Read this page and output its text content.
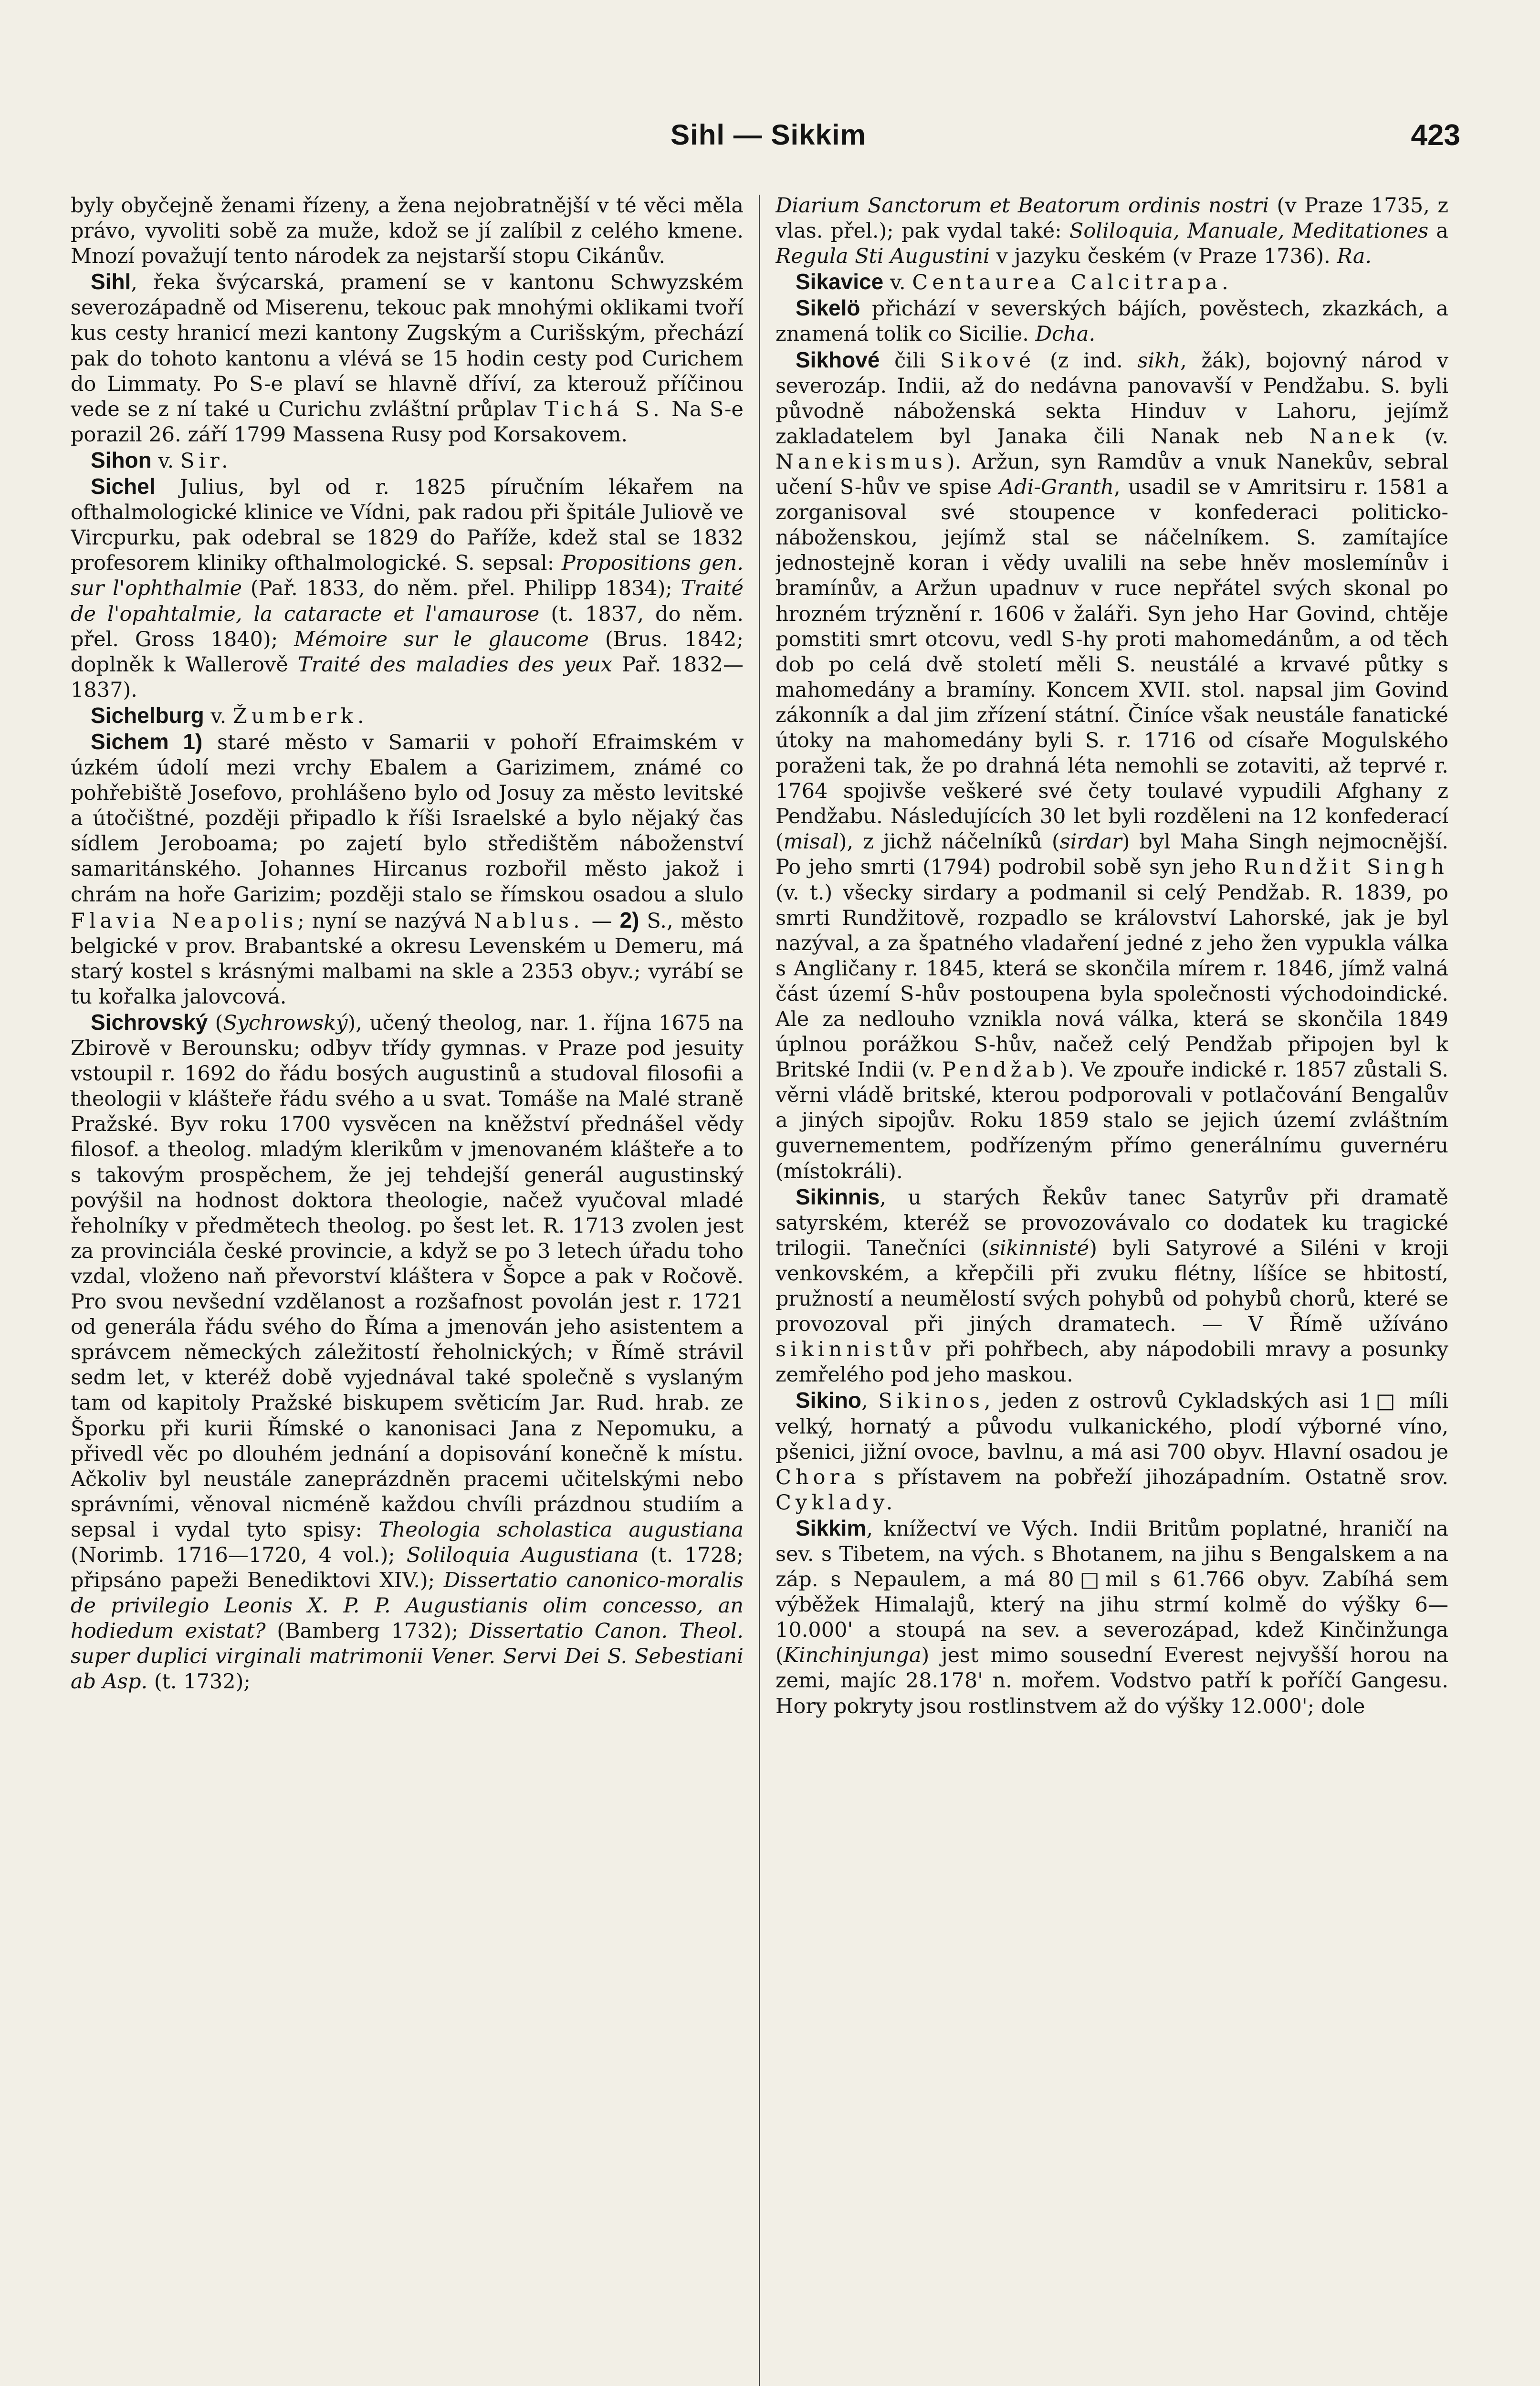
Sihl — Sikkim	423

byly obyčejně ženami řízeny, a žena nejobratnější v té věci měla právo, vyvoliti sobě za muže, kdož se jí zalíbil z celého kmene. Mnozí považují tento národek za nejstarší stopu Cikánův.

Sihl, řeka švýcarská, pramení se v kantonu Schwyzském severozápadně od Miserenu, tekouc pak mnohými oklikami tvoří kus cesty hranicí mezi kantony Zugským a Curišským, přechází pak do tohoto kantonu a vlévá se 15 hodin cesty pod Curichem do Limmaty. Po S-e plaví se hlavně dříví, za kterouž příčinou vede se z ní také u Curichu zvláštní průplav Tichá S. Na S-e porazil 26. září 1799 Massena Rusy pod Korsakovem.

Sihon v. Sir.

Sichel Julius, byl od r. 1825 píručním lékařem na ofthalmologické klinice ve Vídni, pak radou při špitále Juliově ve Vircpurku, pak odebral se 1829 do Paříže, kdež stal se 1832 profesorem kliniky ofthalmologické. S. sepsal: Propositions gen. sur l'ophthalmie (Pař. 1833, do něm. přel. Philipp 1834); Traité de l'opahtalmie, la cataracte et l'amaurose (t. 1837, do něm. přel. Gross 1840); Mémoire sur le glaucome (Brus. 1842; doplněk k Wallerově Traité des maladies des yeux Pař. 1832—1837).

Sichelburg v. Žumberk.

Sichem 1) staré město v Samarii v pohoří Efraimském v úzkém údolí mezi vrchy Ebalem a Garizimem, známé co pohřebiště Josefovo, prohlášeno bylo od Josuy za město levitské a útočištné, později připadlo k říši Israelské a bylo nějaký čas sídlem Jeroboama; po zajetí bylo středištěm náboženství samaritánského. Johannes Hircanus rozbořil město jakož i chrám na hoře Garizim; později stalo se římskou osadou a slulo Flavia Neapolis; nyní se nazývá Nablus. — 2) S., město belgické v prov. Brabantské a okresu Levenském u Demeru, má starý kostel s krásnými malbami na skle a 2353 obyv.; vyrábí se tu kořalka jalovcová.

Sichrovský (Sychrowský), učený theolog, nar. 1. října 1675 na Zbirově v Berounsku; odbyv třídy gymnas. v Praze pod jesuity vstoupil r. 1692 do řádu bosých augustinů a studoval filosofii a theologii v klášteře řádu svého a u svat. Tomáše na Malé straně Pražské. Byv roku 1700 vysvěcen na kněžství přednášel vědy filosof. a theolog. mladým klerikům v jmenovaném klášteře a to s takovým prospěchem, že jej tehdejší generál augustinský povýšil na hodnost doktora theologie, načež vyučoval mladé řeholníky v předmětech theolog. po šest let. R. 1713 zvolen jest za provinciála české provincie, a když se po 3 letech úřadu toho vzdal, vloženo naň převorství kláštera v Šopce a pak v Ročově. Pro svou nevšední vzdělanost a rozšafnost povolán jest r. 1721 od generála řádu svého do Říma a jmenován jeho asistentem a správcem německých záležitostí řeholnických; v Římě strávil sedm let, v kteréž době vyjednával také společně s vyslaným tam od kapitoly Pražské biskupem světicím Jar. Rud. hrab. ze Šporku při kurii Římské o kanonisaci Jana z Nepomuku, a přivedl věc po dlouhém jednání a dopisování konečně k místu. Ačkoliv byl neustále zaneprázdněn pracemi učitelskými nebo správními, věnoval nicméně každou chvíli prázdnou studiím a sepsal i vydal tyto spisy: Theologia scholastica augustiana (Norimb. 1716—1720, 4 vol.); Soliloquia Augustiana (t. 1728; připsáno papeži Benediktovi XIV.); Dissertatio canonico-moralis de privilegio Leonis X. P. P. Augustianis olim concesso, an hodiedum existat? (Bamberg 1732); Dissertatio Canon. Theol. super duplici virginali matrimonii Vener. Servi Dei S. Sebestiani ab Asp. (t. 1732);

Diarium Sanctorum et Beatorum ordinis nostri (v Praze 1735, z vlas. přel.); pak vydal také: Soliloquia, Manuale, Meditationes a Regula Sti Augustini v jazyku českém (v Praze 1736). Ra.

Sikavice v. Centaurea Calcitrapa.

Sikelö přichází v severských bájích, pověstech, zkazkách, a znamená tolik co Sicilie. Dcha.

Sikhové čili Sikové (z ind. sikh, žák), bojovný národ v severozáp. Indii, až do nedávna panovavší v Pendžabu. S. byli původně náboženská sekta Hinduv v Lahoru, jejímž zakladatelem byl Janaka čili Nanak neb Nanek (v. Nanekismus). Aržun, syn Ramdův a vnuk Nanekův, sebral učení S-hův ve spise Adi-Granth, usadil se v Amritsiru r. 1581 a zorganisoval své stoupence v konfederaci politicko-náboženskou, jejímž stal se náčelníkem. S. zamítajíce jednostejně koran i vědy uvalili na sebe hněv moslemínův i bramínův, a Aržun upadnuv v ruce nepřátel svých skonal po hrozném trýznění r. 1606 v žaláři. Syn jeho Har Govind, chtěje pomstiti smrt otcovu, vedl S-hy proti mahomedánům, a od těch dob po celá dvě století měli S. neustálé a krvavé půtky s mahomedány a bramíny. Koncem XVII. stol. napsal jim Govind zákonník a dal jim zřízení státní. Činíce však neustále fanatické útoky na mahomedány byli S. r. 1716 od císaře Mogulského poraženi tak, že po drahná léta nemohli se zotaviti, až teprvé r. 1764 spojivše veškeré své čety toulavé vypudili Afghany z Pendžabu. Následujících 30 let byli rozděleni na 12 konfederací (misal), z jichž náčelníků (sirdar) byl Maha Singh nejmocnější. Po jeho smrti (1794) podrobil sobě syn jeho Rundžit Singh (v. t.) všecky sirdary a podmanil si celý Pendžab. R. 1839, po smrti Rundžitově, rozpadlo se království Lahorské, jak je byl nazýval, a za špatného vladaření jedné z jeho žen vypukla válka s Angličany r. 1845, která se skončila mírem r. 1846, jímž valná část území S-hův postoupena byla společnosti východoindické. Ale za nedlouho vznikla nová válka, která se skončila 1849 úplnou porážkou S-hův, načež celý Pendžab připojen byl k Britské Indii (v. Pendžab). Ve zpouře indické r. 1857 zůstali S. věrni vládě britské, kterou podporovali v potlačování Bengalův a jiných sipojův. Roku 1859 stalo se jejich území zvláštním guvernementem, podřízeným přímo generálnímu guvernéru (místokráli).

Sikinnis, u starých Řekův tanec Satyrův při dramatě satyrském, kteréž se provozovávalo co dodatek ku tragické trilogii. Tanečníci (sikinnisté) byli Satyrové a Siléni v kroji venkovském, a křepčili při zvuku flétny, líšíce se hbitostí, pružností a neumělostí svých pohybů od pohybů chorů, které se provozoval při jiných dramatech. — V Římě užíváno sikinnistův při pohřbech, aby nápodobili mravy a posunky zemřelého pod jeho maskou.

Sikino, Sikinos, jeden z ostrovů Cykladských asi 1□ míli velký, hornatý a původu vulkanického, plodí výborné víno, pšenici, jižní ovoce, bavlnu, a má asi 700 obyv. Hlavní osadou je Chora s přístavem na pobřeží jihozápadním. Ostatně srov. Cyklady.

Sikkim, knížectví ve Vých. Indii Britům poplatné, hraničí na sev. s Tibetem, na vých. s Bhotanem, na jihu s Bengalskem a na záp. s Nepaulem, a má 80□mil s 61.766 obyv. Zabíhá sem výběžek Himalajů, který na jihu strmí kolmě do výšky 6—10.000' a stoupá na sev. a severozápad, kdež Kinčinžunga (Kinchinjunga) jest mimo sousední Everest nejvyšší horou na zemi, majíc 28.178' n. mořem. Vodstvo patří k poříčí Gangesu. Hory pokryty jsou rostlinstvem až do výšky 12.000'; dole
